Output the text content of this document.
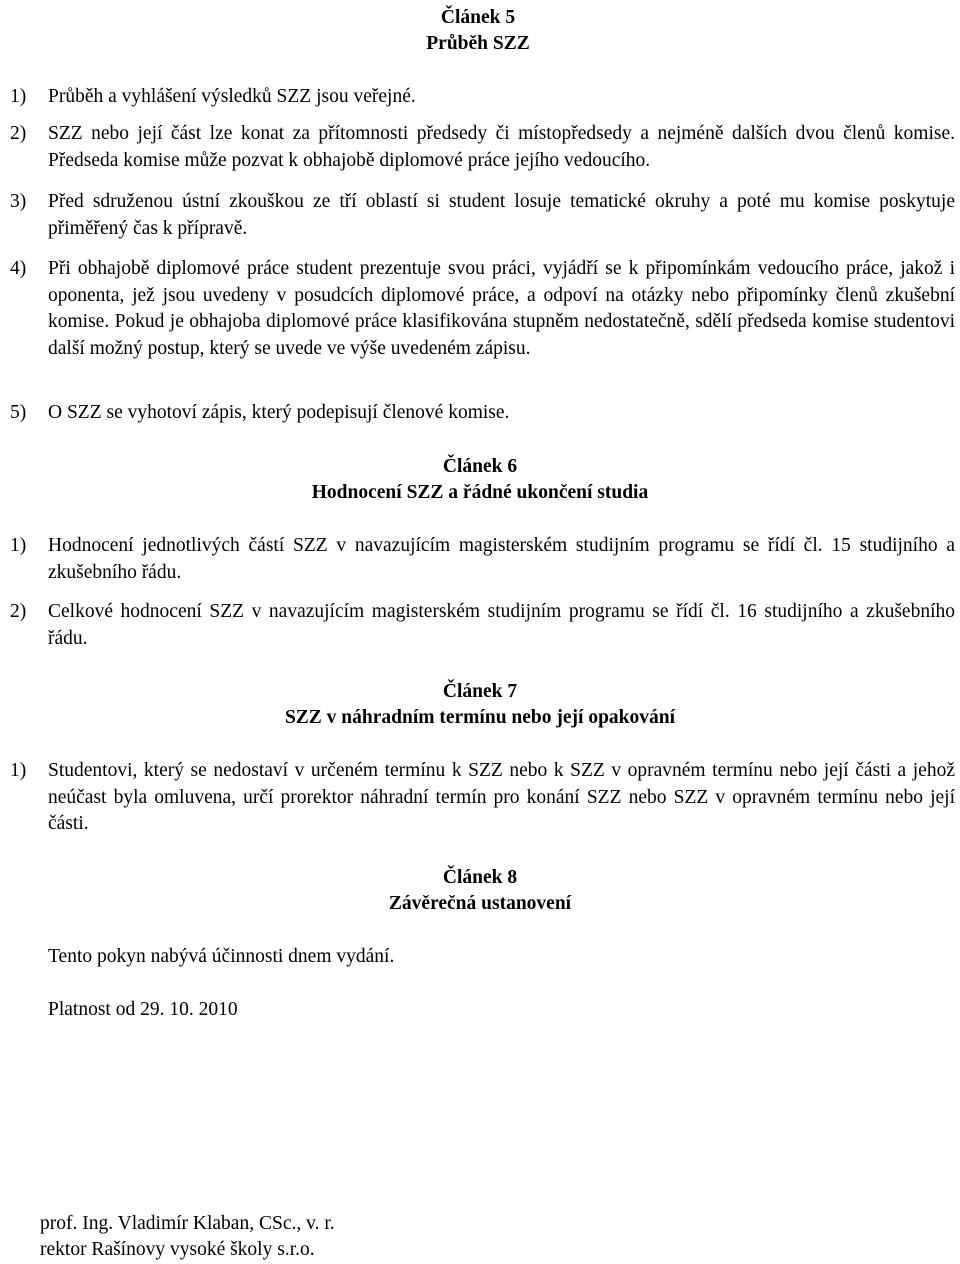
Článek 5
Průběh SZZ
1) Průběh a vyhlášení výsledků SZZ jsou veřejné.
2) SZZ nebo její část lze konat za přítomnosti předsedy či místopředsedy a nejméně dalších dvou členů komise. Předseda komise může pozvat k obhajobě diplomové práce jejího vedoucího.
3) Před sdruženou ústní zkouškou ze tří oblastí si student losuje tematické okruhy a poté mu komise poskytuje přiměřený čas k přípravě.
4) Při obhajobě diplomové práce student prezentuje svou práci, vyjádří se k připomínkám vedoucího práce, jakož i oponenta, jež jsou uvedeny v posudcích diplomové práce, a odpoví na otázky nebo připomínky členů zkušební komise. Pokud je obhajoba diplomové práce klasifikována stupněm nedostatečně, sdělí předseda komise studentovi další možný postup, který se uvede ve výše uvedeném zápisu.
5) O SZZ se vyhotoví zápis, který podepisují členové komise.
Článek 6
Hodnocení SZZ a řádné ukončení studia
1) Hodnocení jednotlivých částí SZZ v navazujícím magisterském studijním programu se řídí čl. 15 studijního a zkušebního řádu.
2) Celkové hodnocení SZZ v navazujícím magisterském studijním programu se řídí čl. 16 studijního a zkušebního řádu.
Článek 7
SZZ v náhradním termínu nebo její opakování
1) Studentovi, který se nedostaví v určeném termínu k SZZ nebo k SZZ v opravném termínu nebo její části a jehož neúčast byla omluvena, určí prorektor náhradní termín pro konání SZZ nebo SZZ v opravném termínu nebo její části.
Článek 8
Závěrečná ustanovení
Tento pokyn nabývá účinnosti dnem vydání.
Platnost od 29. 10. 2010
prof. Ing. Vladimír Klaban, CSc., v. r.
rektor Rašínovy vysoké školy s.r.o.
